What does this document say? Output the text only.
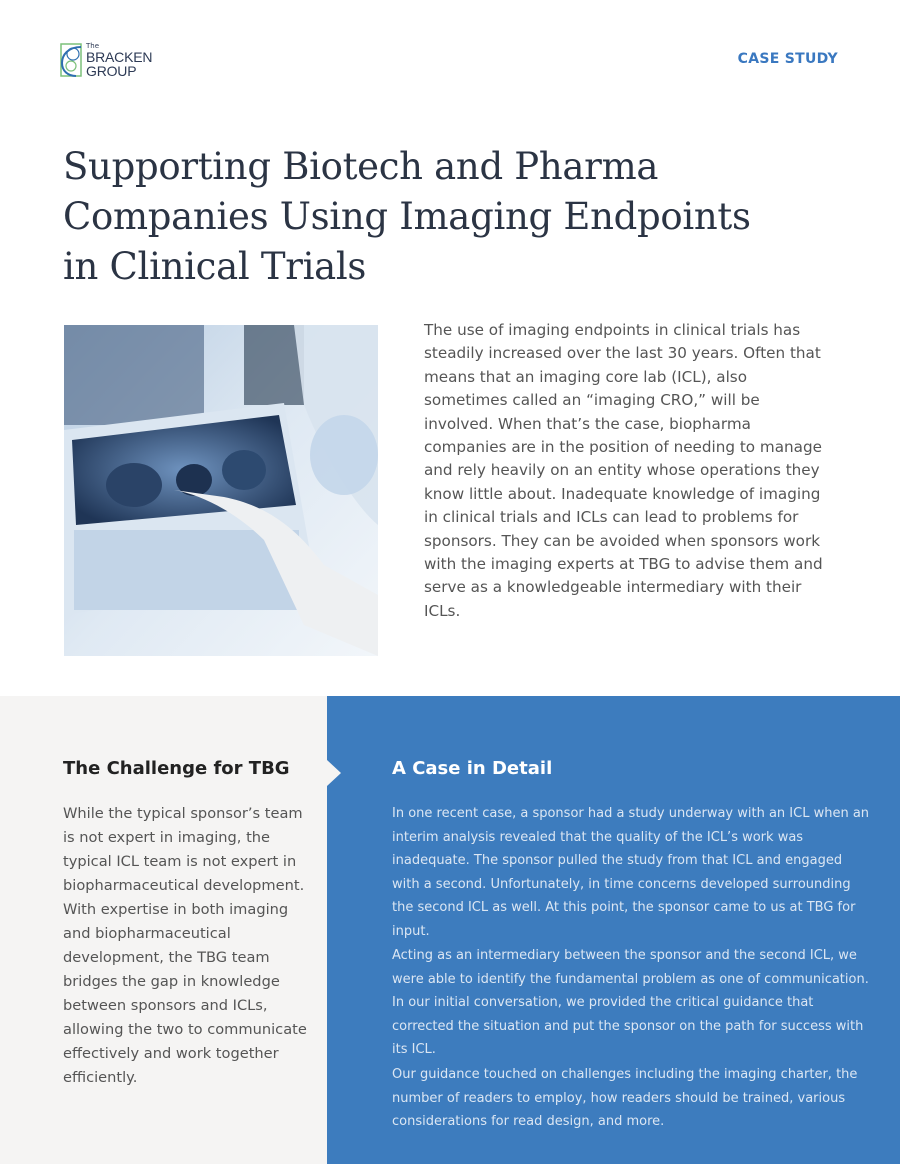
The
BRACKEN
GROUP
CASE STUDY
Supporting Biotech and Pharma Companies Using Imaging Endpoints in Clinical Trials

The use of imaging endpoints in clinical trials has steadily increased over the last 30 years. Often that means that an imaging core lab (ICL), also sometimes called an “imaging CRO,” will be involved. When that’s the case, biopharma companies are in the position of needing to manage and rely heavily on an entity whose operations they know little about. Inadequate knowledge of imaging in clinical trials and ICLs can lead to problems for sponsors. They can be avoided when sponsors work with the imaging experts at TBG to advise them and serve as a knowledgeable intermediary with their ICLs.

The Challenge for TBG

While the typical sponsor’s team is not expert in imaging, the typical ICL team is not expert in biopharmaceutical development. With expertise in both imaging and biopharmaceutical development, the TBG team bridges the gap in knowledge between sponsors and ICLs, allowing the two to communicate effectively and work together efficiently.

A Case in Detail

In one recent case, a sponsor had a study underway with an ICL when an interim analysis revealed that the quality of the ICL’s work was inadequate. The sponsor pulled the study from that ICL and engaged with a second. Unfortunately, in time concerns developed surrounding the second ICL as well. At this point, the sponsor came to us at TBG for input.

Acting as an intermediary between the sponsor and the second ICL, we were able to identify the fundamental problem as one of communication. In our initial conversation, we provided the critical guidance that corrected the situation and put the sponsor on the path for success with its ICL.

Our guidance touched on challenges including the imaging charter, the number of readers to employ, how readers should be trained, various considerations for read design, and more.
